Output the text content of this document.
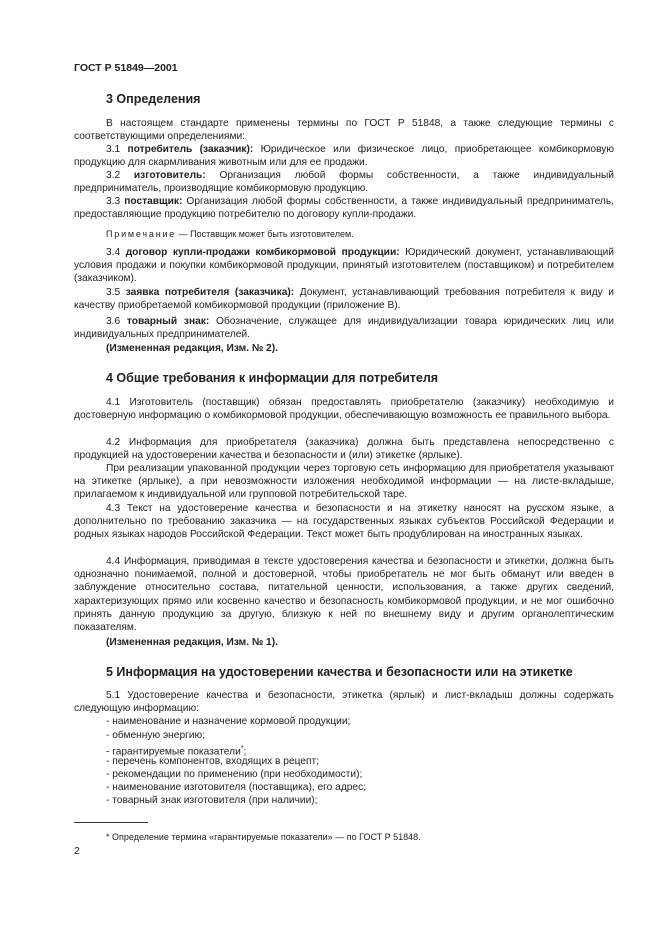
ГОСТ Р 51849—2001
3 Определения

В настоящем стандарте применены термины по ГОСТ Р 51848, а также следующие термины с соответствующими определениями:

3.1 потребитель (заказчик): Юридическое или физическое лицо, приобретающее комбикормовую продукцию для скармливания животным или для ее продажи.

3.2 изготовитель: Организация любой формы собственности, а также индивидуальный предприниматель, производящие комбикормовую продукцию.

3.3 поставщик: Организация любой формы собственности, а также индивидуальный предприниматель, предоставляющие продукцию потребителю по договору купли-продажи.

Примечание — Поставщик может быть изготовителем.

3.4 договор купли-продажи комбикормовой продукции: Юридический документ, устанавливающий условия продажи и покупки комбикормовой продукции, принятый изготовителем (поставщиком) и потребителем (заказчиком).

3.5 заявка потребителя (заказчика): Документ, устанавливающий требования потребителя к виду и качеству приобретаемой комбикормовой продукции (приложение В).

3.6 товарный знак: Обозначение, служащее для индивидуализации товара юридических лиц или индивидуальных предпринимателей.

(Измененная редакция, Изм. № 2).

4 Общие требования к информации для потребителя

4.1 Изготовитель (поставщик) обязан предоставлять приобретателю (заказчику) необходимую и достоверную информацию о комбикормовой продукции, обеспечивающую возможность ее правильного выбора.

4.2 Информация для приобретателя (заказчика) должна быть представлена непосредственно с продукцией на удостоверении качества и безопасности и (или) этикетке (ярлыке).

При реализации упакованной продукции через торговую сеть информацию для приобретателя указывают на этикетке (ярлыке), а при невозможности изложения необходимой информации — на листе-вкладыше, прилагаемом к индивидуальной или групповой потребительской таре.

4.3 Текст на удостоверение качества и безопасности и на этикетку наносят на русском языке, а дополнительно по требованию заказчика — на государственных языках субъектов Российской Федерации и родных языках народов Российской Федерации. Текст может быть продублирован на иностранных языках.

4.4 Информация, приводимая в тексте удостоверения качества и безопасности и этикетки, должна быть однозначно понимаемой, полной и достоверной, чтобы приобретатель не мог быть обманут или введен в заблуждение относительно состава, питательной ценности, использования, а также других сведений, характеризующих прямо или косвенно качество и безопасность комбикормовой продукции, и не мог ошибочно принять данную продукцию за другую, близкую к ней по внешнему виду и другим органолептическим показателям.

(Измененная редакция, Изм. № 1).

5 Информация на удостоверении качества и безопасности или на этикетке

5.1 Удостоверение качества и безопасности, этикетка (ярлык) и лист-вкладыш должны содержать следующую информацию:

- наименование и назначение кормовой продукции;
- обменную энергию;
- гарантируемые показатели*;
- перечень компонентов, входящих в рецепт;
- рекомендации по применению (при необходимости);
- наименование изготовителя (поставщика), его адрес;
- товарный знак изготовителя (при наличии);
* Определение термина «гарантируемые показатели» — по ГОСТ Р 51848.
2
